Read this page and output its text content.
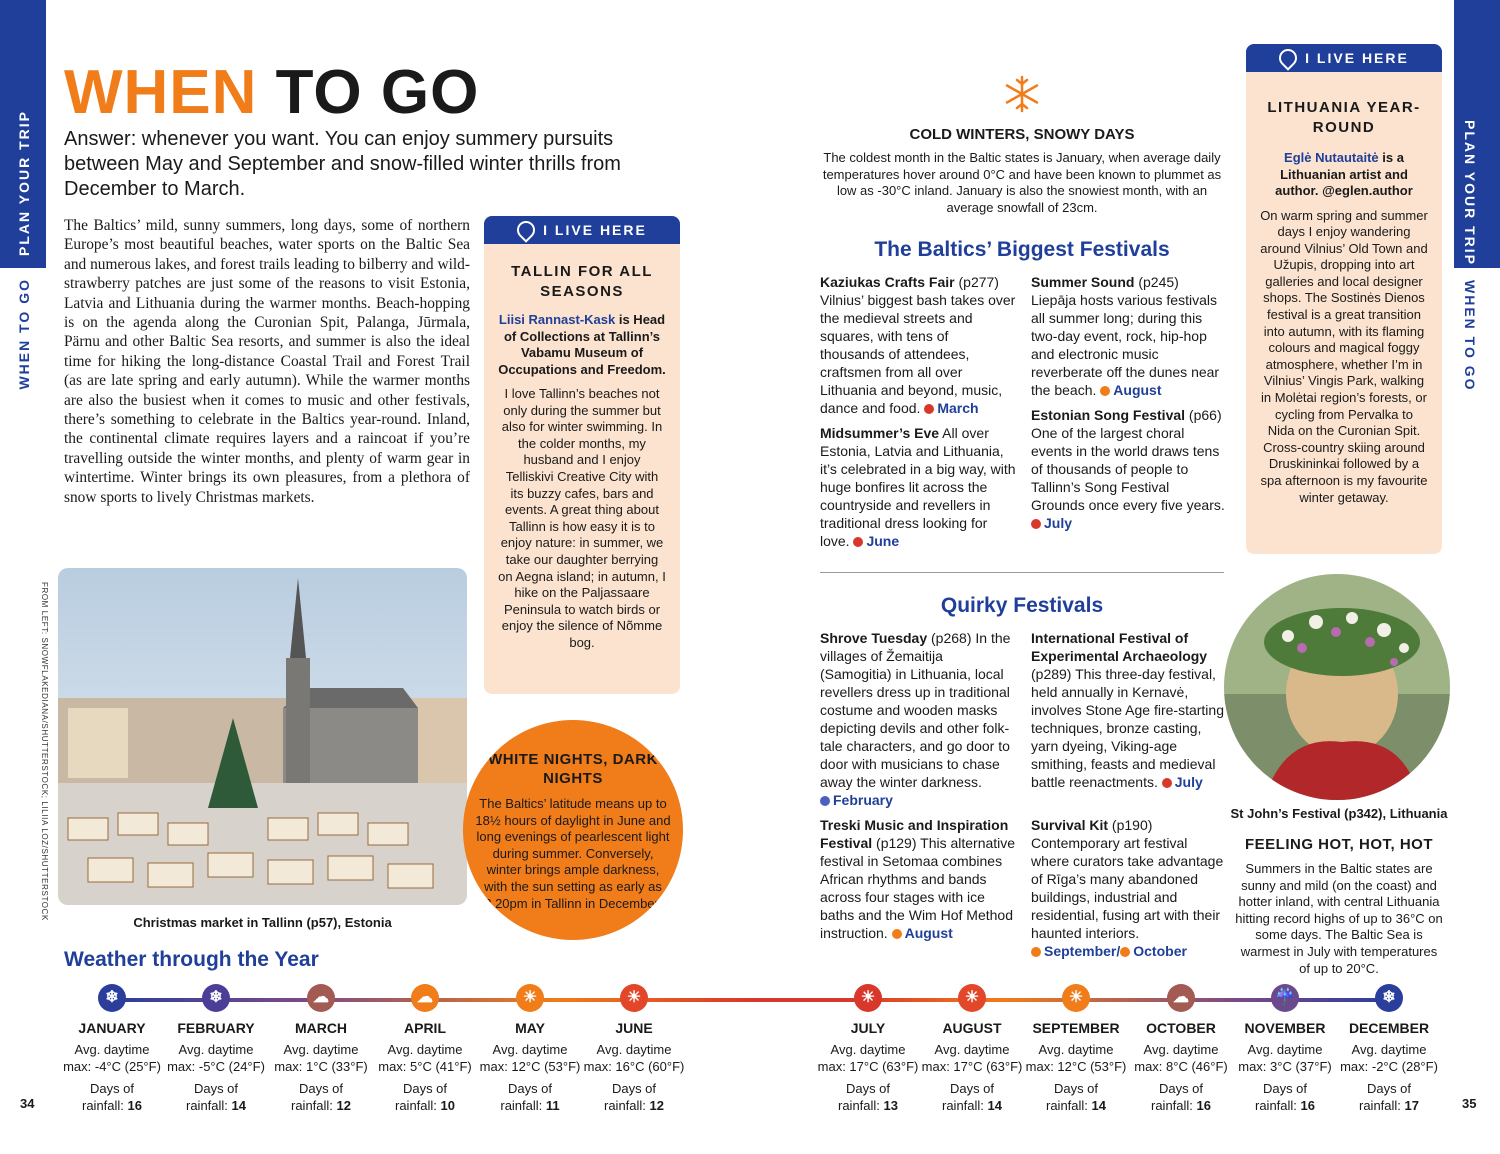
PLAN YOUR TRIP
WHEN TO GO
PLAN YOUR TRIP
WHEN TO GO
WHEN TO GO

Answer: whenever you want. You can enjoy summery pursuits between May and September and snow-filled winter thrills from December to March.

The Baltics’ mild, sunny summers, long days, some of northern Europe’s most beautiful beaches, water sports on the Baltic Sea and numerous lakes, and forest trails leading to bilberry and wild-strawberry patches are just some of the reasons to visit Estonia, Latvia and Lithuania during the warmer months. Beach-hopping is on the agenda along the Curonian Spit, Palanga, Jūrmala, Pärnu and other Baltic Sea resorts, and summer is also the ideal time for hiking the long-distance Coastal Trail and Forest Trail (as are late spring and early autumn). While the warmer months are also the busiest when it comes to music and other festivals, there’s something to celebrate in the Baltics year-round. Inland, the continental climate requires layers and a raincoat if you’re travelling outside the winter months, and plenty of warm gear in wintertime. Winter brings its own pleasures, from a plethora of snow sports to lively Christmas markets.

I LIVE HERE
TALLIN FOR ALL SEASONS
Liisi Rannast-Kask is Head of Collections at Tallinn’s Vabamu Museum of Occupations and Freedom.
I love Tallinn’s beaches not only during the summer but also for winter swimming. In the colder months, my husband and I enjoy Telliskivi Creative City with its buzzy cafes, bars and events. A great thing about Tallinn is how easy it is to enjoy nature: in summer, we take our daughter berrying on Aegna island; in autumn, I hike on the Paljassaare Peninsula to watch birds or enjoy the silence of Nõmme bog.
Christmas market in Tallinn (p57), Estonia
FROM LEFT: SNOWFLAKEDIANA/SHUTTERSTOCK; LILIIA LOZ/SHUTTERSTOCK	WHITE NIGHTS, DARK NIGHTS

The Baltics’ latitude means up to 18½ hours of daylight in June and long evenings of pearlescent light during summer. Conversely, winter brings ample darkness, with the sun setting as early as 3.20pm in Tallinn in December.

COLD WINTERS, SNOWY DAYS
The coldest month in the Baltic states is January, when average daily temperatures hover around 0°C and have been known to plummet as low as -30°C inland. January is also the snowiest month, with an average snowfall of 23cm.
The Baltics’ Biggest Festivals
Kaziukas Crafts Fair (p277) Vilnius’ biggest bash takes over the medieval streets and squares, with tens of thousands of attendees, craftsmen from all over Lithuania and beyond, music, dance and food. March
Midsummer’s Eve All over Estonia, Latvia and Lithuania, it’s celebrated in a big way, with huge bonfires lit across the countryside and revellers in traditional dress looking for love. June
Summer Sound (p245) Liepāja hosts various festivals all summer long; during this two-day event, rock, hip-hop and electronic music reverberate off the dunes near the beach. August
Estonian Song Festival (p66) One of the largest choral events in the world draws tens of thousands of people to Tallinn’s Song Festival Grounds once every five years. July
Quirky Festivals
Shrove Tuesday (p268) In the villages of Žemaitija (Samogitia) in Lithuania, local revellers dress up in traditional costume and wooden masks depicting devils and other folk-tale characters, and go door to door with musicians to chase away the winter darkness. February
Treski Music and Inspiration Festival (p129) This alternative festival in Setomaa combines African rhythms and bands across four stages with ice baths and the Wim Hof Method instruction. August
International Festival of Experimental Archaeology (p289) This three-day festival, held annually in Kernavė, involves Stone Age fire-starting techniques, bronze casting, yarn dyeing, Viking-age smithing, feasts and medieval battle reenactments. July
Survival Kit (p190) Contemporary art festival where curators take advantage of Rīga’s many abandoned buildings, industrial and residential, fusing art with their haunted interiors. September/ October
I LIVE HERE
LITHUANIA YEAR-ROUND
Eglė Nutautaitė is a Lithuanian artist and author. @eglen.author
On warm spring and summer days I enjoy wandering around Vilnius’ Old Town and Užupis, dropping into art galleries and local designer shops. The Sostinės Dienos festival is a great transition into autumn, with its flaming colours and magical foggy atmosphere, whether I’m in Vilnius’ Vingis Park, walking in Molėtai region’s forests, or cycling from Pervalka to Nida on the Curonian Spit. Cross-country skiing around Druskininkai followed by a spa afternoon is my favourite winter getaway.
St John’s Festival (p342), Lithuania
FEELING HOT, HOT, HOT
Summers in the Baltic states are sunny and mild (on the coast) and hotter inland, with central Lithuania hitting record highs of up to 36°C on some days. The Baltic Sea is warmest in July with temperatures of up to 20°C.
Weather through the Year
❄
JANUARY
Avg. daytime
max: -4°C (25°F)
Days of
rainfall: 16
❄
FEBRUARY
Avg. daytime
max: -5°C (24°F)
Days of
rainfall: 14
☁
MARCH
Avg. daytime
max: 1°C (33°F)
Days of
rainfall: 12
☁
APRIL
Avg. daytime
max: 5°C (41°F)
Days of
rainfall: 10
☀
MAY
Avg. daytime
max: 12°C (53°F)
Days of
rainfall: 11
☀
JUNE
Avg. daytime
max: 16°C (60°F)
Days of
rainfall: 12
☀
JULY
Avg. daytime
max: 17°C (63°F)
Days of
rainfall: 13
☀
AUGUST
Avg. daytime
max: 17°C (63°F)
Days of
rainfall: 14
☀
SEPTEMBER
Avg. daytime
max: 12°C (53°F)
Days of
rainfall: 14
☁
OCTOBER
Avg. daytime
max: 8°C (46°F)
Days of
rainfall: 16
☔
NOVEMBER
Avg. daytime
max: 3°C (37°F)
Days of
rainfall: 16
❄
DECEMBER
Avg. daytime
max: -2°C (28°F)
Days of
rainfall: 17
34	35
